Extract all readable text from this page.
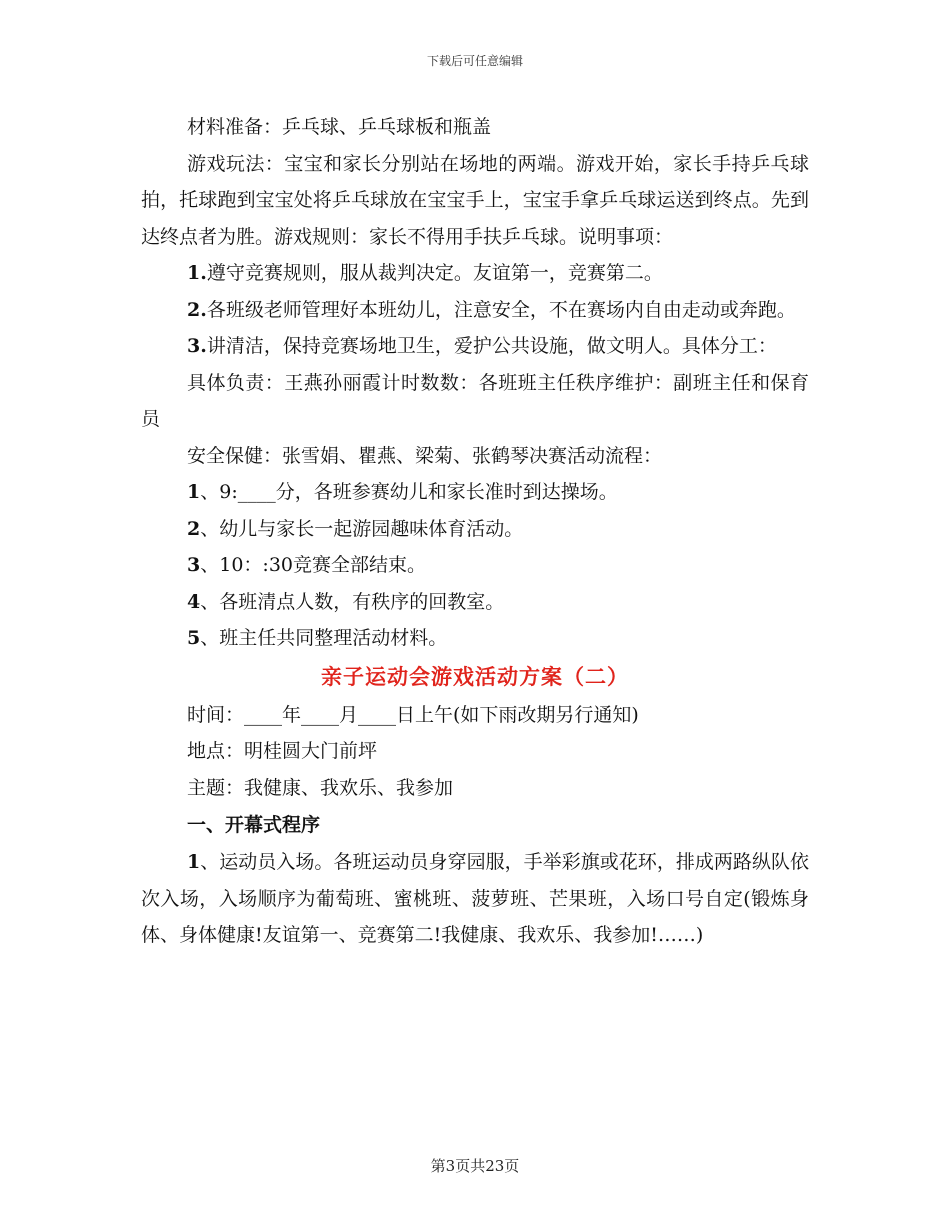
下载后可任意编辑

材料准备：乒乓球、乒乓球板和瓶盖

游戏玩法：宝宝和家长分别站在场地的两端。游戏开始，家长手持乒乓球拍，托球跑到宝宝处将乒乓球放在宝宝手上，宝宝手拿乒乓球运送到终点。先到达终点者为胜。游戏规则：家长不得用手扶乒乓球。说明事项：

1.遵守竞赛规则，服从裁判决定。友谊第一，竞赛第二。

2.各班级老师管理好本班幼儿，注意安全，不在赛场内自由走动或奔跑。

3.讲清洁，保持竞赛场地卫生，爱护公共设施，做文明人。具体分工：

具体负责：王燕孙丽霞计时数数：各班班主任秩序维护：副班主任和保育员

安全保健：张雪娟、瞿燕、梁菊、张鹤琴决赛活动流程：

1、9:____分，各班参赛幼儿和家长准时到达操场。

2、幼儿与家长一起游园趣味体育活动。

3、10：:30竞赛全部结束。

4、各班清点人数，有秩序的回教室。

5、班主任共同整理活动材料。

亲子运动会游戏活动方案（二）

时间：____年____月____日上午(如下雨改期另行通知)

地点：明桂圆大门前坪

主题：我健康、我欢乐、我参加

一、开幕式程序

1、运动员入场。各班运动员身穿园服，手举彩旗或花环，排成两路纵队依次入场，入场顺序为葡萄班、蜜桃班、菠萝班、芒果班，入场口号自定(锻炼身体、身体健康!友谊第一、竞赛第二!我健康、我欢乐、我参加!……)

第3页共23页
